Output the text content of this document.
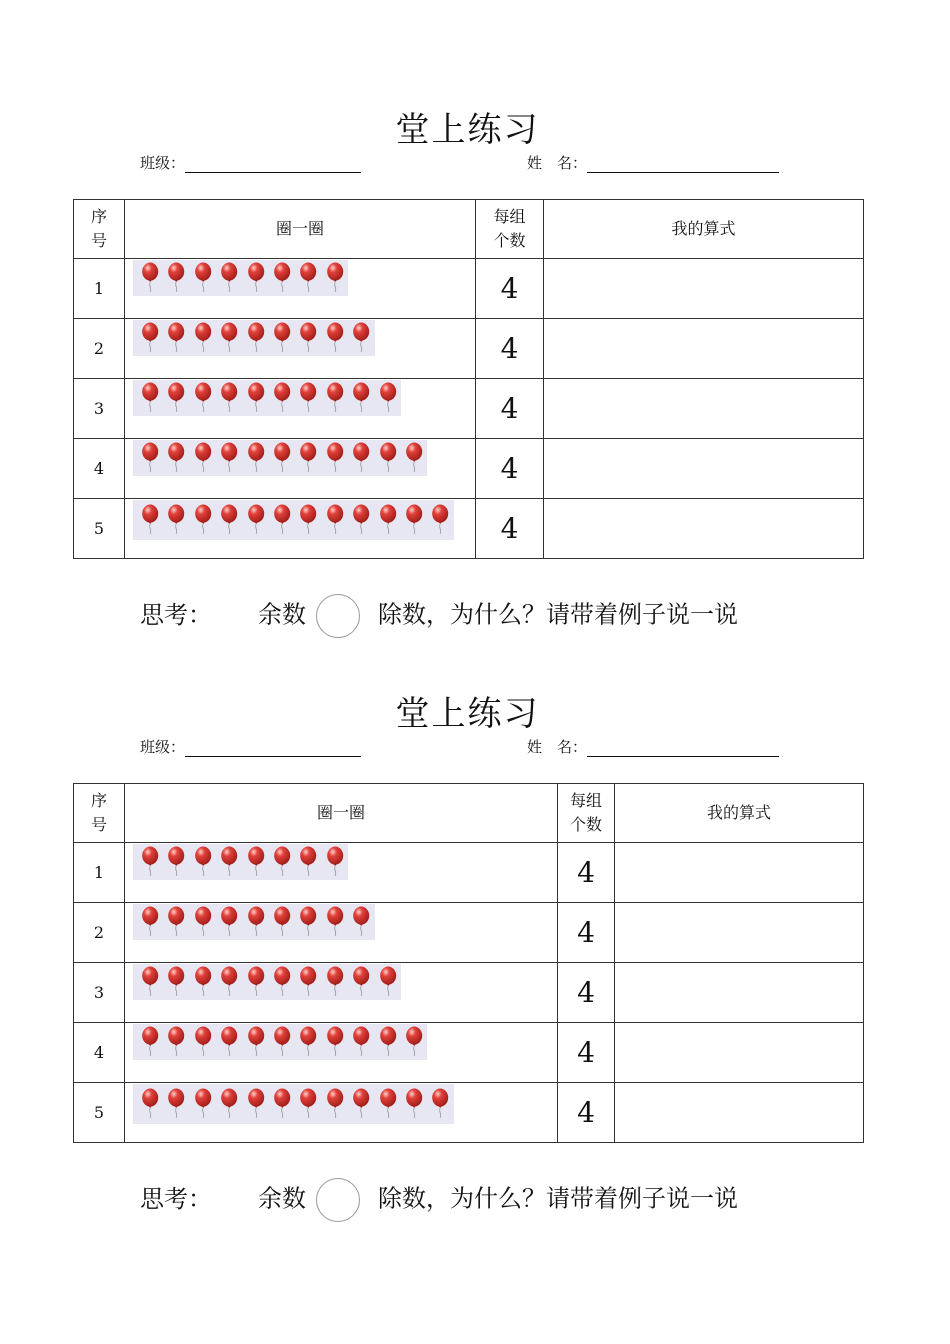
堂上练习
班级：	姓　名：
序号	圈一圈	每组个数	我的算式
1		4	
2		4	
3		4	
4		4	
5		4	
思考： 余数	除数，为什么？请带着例子说一说
堂上练习
班级：	姓　名：
序号	圈一圈	每组个数	我的算式
1		4	
2		4	
3		4	
4		4	
5		4	
思考： 余数	除数，为什么？请带着例子说一说
